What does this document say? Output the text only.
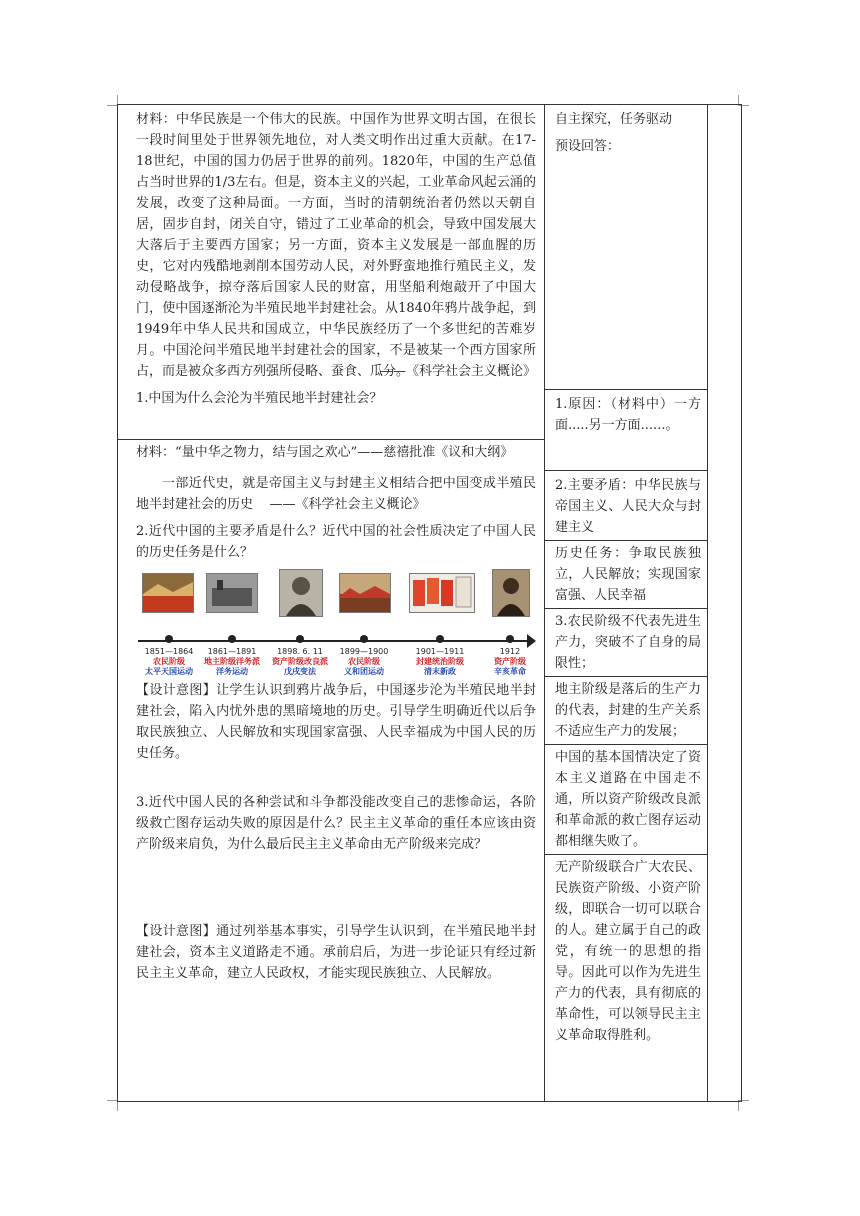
材料：中华民族是一个伟大的民族。中国作为世界文明古国，在很长一段时间里处于世界领先地位，对人类文明作出过重大贡献。在17-18世纪，中国的国力仍居于世界的前列。1820年，中国的生产总值占当时世界的1/3左右。但是，资本主义的兴起，工业革命风起云涌的发展，改变了这种局面。一方面，当时的清朝统治者仍然以天朝自居，固步自封，闭关自守，错过了工业革命的机会，导致中国发展大大落后于主要西方国家；另一方面，资本主义发展是一部血腥的历史，它对内残酷地剥削本国劳动人民，对外野蛮地推行殖民主义，发动侵略战争，掠夺落后国家人民的财富，用坚船利炮敲开了中国大门，使中国逐渐沦为半殖民地半封建社会。从1840年鸦片战争起，到1949年中华人民共和国成立，中华民族经历了一个多世纪的苦难岁月。中国沦问半殖民地半封建社会的国家，不是被某一个西方国家所占，而是被众多西方列强所侵略、蚕食、瓜分。

——《科学社会主义概论》

1.中国为什么会沦为半殖民地半封建社会？

材料：“量中华之物力，结与国之欢心”——慈禧批准《议和大纲》

一部近代史，就是帝国主义与封建主义相结合把中国变成半殖民地半封建社会的历史 ——《科学社会主义概论》

2.近代中国的主要矛盾是什么？近代中国的社会性质决定了中国人民的历史任务是什么？

1851—1864
农民阶级
太平天国运动
1861—1891
地主阶级洋务派
洋务运动
1898. 6. 11
资产阶级改良派
戊戌变法
1899—1900
农民阶级
义和团运动
1901—1911
封建统治阶级
清末新政
1912
资产阶级
辛亥革命

【设计意图】让学生认识到鸦片战争后，中国逐步沦为半殖民地半封建社会，陷入内忧外患的黑暗境地的历史。引导学生明确近代以后争取民族独立、人民解放和实现国家富强、人民幸福成为中国人民的历史任务。

3.近代中国人民的各种尝试和斗争都没能改变自己的悲惨命运，各阶级救亡图存运动失败的原因是什么？民主主义革命的重任本应该由资产阶级来肩负，为什么最后民主主义革命由无产阶级来完成？

【设计意图】通过列举基本事实，引导学生认识到，在半殖民地半封建社会，资本主义道路走不通。承前启后，为进一步论证只有经过新民主主义革命，建立人民政权，才能实现民族独立、人民解放。

自主探究，任务驱动

预设回答：

1.原因：（材料中）一方面.....另一方面......。

2.主要矛盾：中华民族与帝国主义、人民大众与封建主义

历史任务：争取民族独立，人民解放；实现国家富强、人民幸福

3.农民阶级不代表先进生产力，突破不了自身的局限性；

地主阶级是落后的生产力的代表，封建的生产关系不适应生产力的发展；

中国的基本国情决定了资本主义道路在中国走不通，所以资产阶级改良派和革命派的救亡图存运动都相继失败了。

无产阶级联合广大农民、民族资产阶级、小资产阶级，即联合一切可以联合的人。建立属于自己的政党，有统一的思想的指导。因此可以作为先进生产力的代表，具有彻底的革命性，可以领导民主主义革命取得胜利。
